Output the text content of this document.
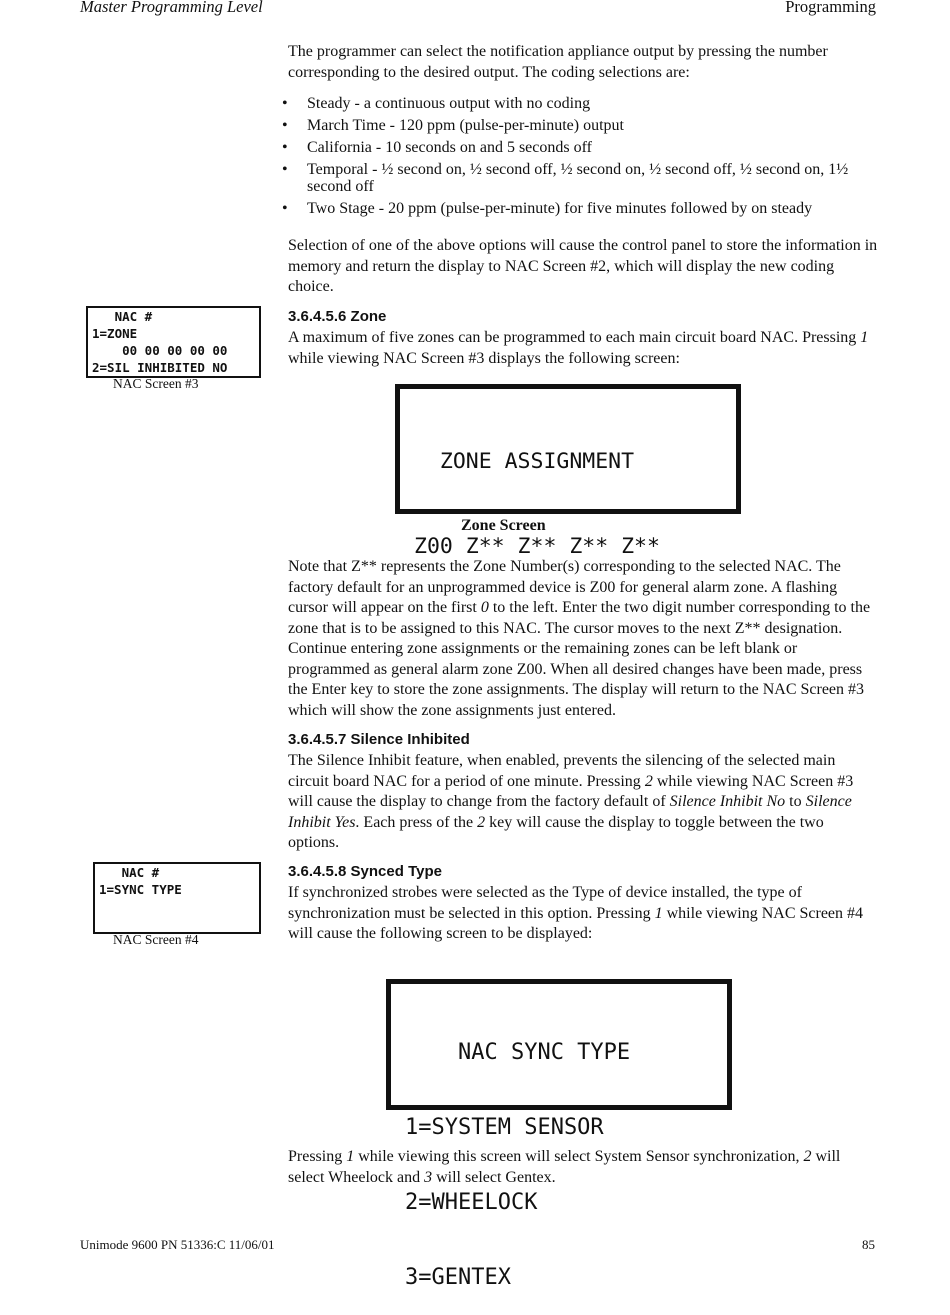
Master Programming Level	Programming

The programmer can select the notification appliance output by pressing the number corresponding to the desired output. The coding selections are:

• Steady - a continuous output with no coding
• March Time - 120 ppm (pulse-per-minute) output
• California - 10 seconds on and 5 seconds off
• Temporal - ½ second on, ½ second off, ½ second on, ½ second off, ½ second on, 1½ second off
• Two Stage - 20 ppm (pulse-per-minute) for five minutes followed by on steady

Selection of one of the above options will cause the control panel to store the information in memory and return the display to NAC Screen #2, which will display the new coding choice.

NAC #
1=ZONE
00 00 00 00 00
2=SIL INHIBITED NO
NAC Screen #3
3.6.4.5.6 Zone

A maximum of five zones can be programmed to each main circuit board NAC. Pressing 1 while viewing NAC Screen #3 displays the following screen:

ZONE ASSIGNMENT

Z00 Z** Z** Z** Z**

Zone Screen

Note that Z** represents the Zone Number(s) corresponding to the selected NAC. The factory default for an unprogrammed device is Z00 for general alarm zone. A flashing cursor will appear on the first 0 to the left. Enter the two digit number corresponding to the zone that is to be assigned to this NAC. The cursor moves to the next Z** designation. Continue entering zone assignments or the remaining zones can be left blank or programmed as general alarm zone Z00. When all desired changes have been made, press the Enter key to store the zone assignments. The display will return to the NAC Screen #3 which will show the zone assignments just entered.

3.6.4.5.7 Silence Inhibited

The Silence Inhibit feature, when enabled, prevents the silencing of the selected main circuit board NAC for a period of one minute. Pressing 2 while viewing NAC Screen #3 will cause the display to change from the factory default of Silence Inhibit No to Silence Inhibit Yes. Each press of the 2 key will cause the display to toggle between the two options.

NAC #
1=SYNC TYPE
NAC Screen #4
3.6.4.5.8 Synced Type

If synchronized strobes were selected as the Type of device installed, the type of synchronization must be selected in this option. Pressing 1 while viewing NAC Screen #4 will cause the following screen to be displayed:

NAC SYNC TYPE

1=SYSTEM SENSOR

2=WHEELOCK

3=GENTEX

Pressing 1 while viewing this screen will select System Sensor synchronization, 2 will select Wheelock and 3 will select Gentex.

Unimode 9600 PN 51336:C 11/06/01	85
